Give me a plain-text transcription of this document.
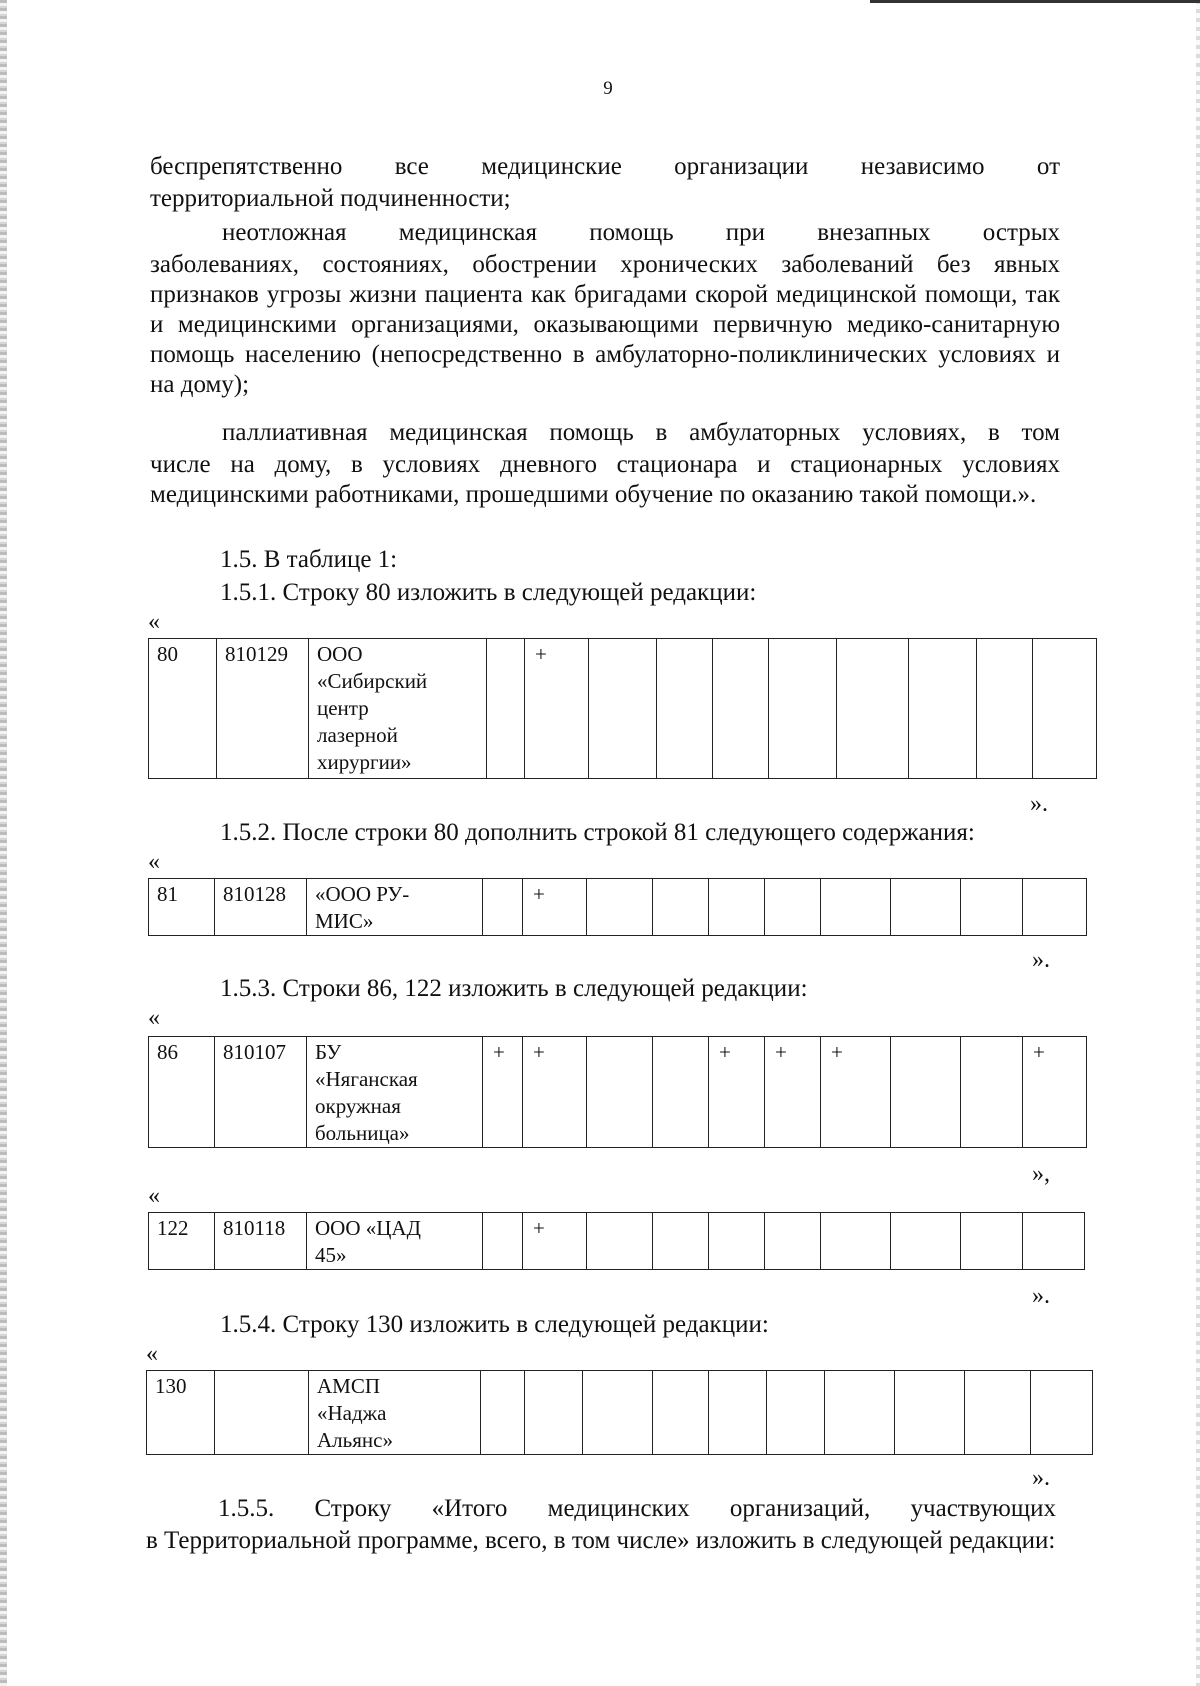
9

беспрепятственно все медицинские организации независимо от

территориальной подчиненности;

неотложная медицинская помощь при внезапных острых

заболеваниях, состояниях, обострении хронических заболеваний без явных признаков угрозы жизни пациента как бригадами скорой медицинской помощи, так и медицинскими организациями, оказывающими первичную медико-санитарную помощь населению (непосредственно в амбулаторно-поликлинических условиях и на дому);

паллиативная медицинская помощь в амбулаторных условиях, в том

числе на дому, в условиях дневного стационара и стационарных условиях медицинскими работниками, прошедшими обучение по оказанию такой помощи.».

1.5. В таблице 1:

1.5.1. Строку 80 изложить в следующей редакции:

«
80	810129	ООО
«Сибирский
центр
лазерной
хирургии»		+								
».

1.5.2. После строки 80 дополнить строкой 81 следующего содержания:

«
81	810128	«ООО РУ-
МИС»		+								
».

1.5.3. Строки 86, 122 изложить в следующей редакции:

«
86	810107	БУ
«Няганская
окружная
больница»	+	+			+	+	+			+
»,
«
122	810118	ООО «ЦАД
45»		+								
».

1.5.4. Строку 130 изложить в следующей редакции:

«
130		АМСП
«Наджа
Альянс»										
».

1.5.5. Строку «Итого медицинских организаций, участвующих

в Территориальной программе, всего, в том числе» изложить в следующей редакции:
